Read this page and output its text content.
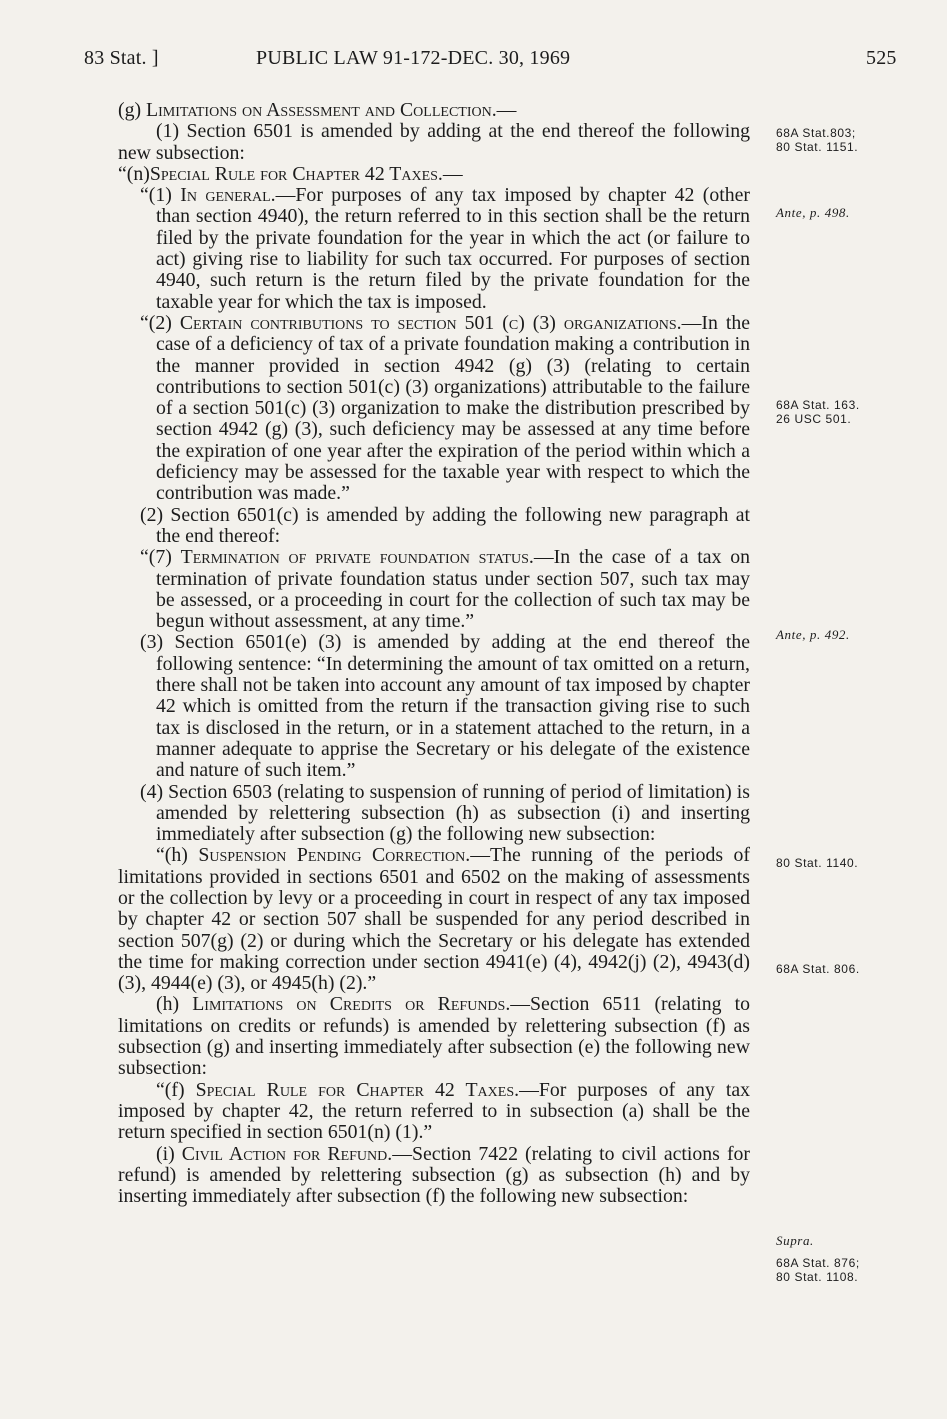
83 Stat. ]	PUBLIC LAW 91-172-DEC. 30, 1969	525

(g) Limitations on Assessment and Collection.—

(1) Section 6501 is amended by adding at the end thereof the following new subsection:

“(n)Special Rule for Chapter 42 Taxes.—

“(1) In general.—For purposes of any tax imposed by chapter 42 (other than section 4940), the return referred to in this section shall be the return filed by the private foundation for the year in which the act (or failure to act) giving rise to liability for such tax occurred. For purposes of section 4940, such return is the return filed by the private foundation for the taxable year for which the tax is imposed.

“(2) Certain contributions to section 501 (c) (3) organizations.—In the case of a deficiency of tax of a private foundation making a contribution in the manner provided in section 4942 (g) (3) (relating to certain contributions to section 501(c) (3) organizations) attributable to the failure of a section 501(c) (3) organization to make the distribution prescribed by section 4942 (g) (3), such deficiency may be assessed at any time before the expiration of one year after the expiration of the period within which a deficiency may be assessed for the taxable year with respect to which the contribution was made.”

(2) Section 6501(c) is amended by adding the following new paragraph at the end thereof:

“(7) Termination of private foundation status.—In the case of a tax on termination of private foundation status under section 507, such tax may be assessed, or a proceeding in court for the collection of such tax may be begun without assessment, at any time.”

(3) Section 6501(e) (3) is amended by adding at the end thereof the following sentence: “In determining the amount of tax omitted on a return, there shall not be taken into account any amount of tax imposed by chapter 42 which is omitted from the return if the transaction giving rise to such tax is disclosed in the return, or in a statement attached to the return, in a manner adequate to apprise the Secretary or his delegate of the existence and nature of such item.”

(4) Section 6503 (relating to suspension of running of period of limitation) is amended by relettering subsection (h) as subsection (i) and inserting immediately after subsection (g) the following new subsection:

“(h) Suspension Pending Correction.—The running of the periods of limitations provided in sections 6501 and 6502 on the making of assessments or the collection by levy or a proceeding in court in respect of any tax imposed by chapter 42 or section 507 shall be suspended for any period described in section 507(g) (2) or during which the Secretary or his delegate has extended the time for making correction under section 4941(e) (4), 4942(j) (2), 4943(d) (3), 4944(e) (3), or 4945(h) (2).”

(h) Limitations on Credits or Refunds.—Section 6511 (relating to limitations on credits or refunds) is amended by relettering subsection (f) as subsection (g) and inserting immediately after subsection (e) the following new subsection:

“(f) Special Rule for Chapter 42 Taxes.—For purposes of any tax imposed by chapter 42, the return referred to in subsection (a) shall be the return specified in section 6501(n) (1).”

(i) Civil Action for Refund.—Section 7422 (relating to civil actions for refund) is amended by relettering subsection (g) as subsection (h) and by inserting immediately after subsection (f) the following new subsection:

68A Stat.803;
80 Stat. 1151.
Ante, p. 498.
68A Stat. 163.
26 USC 501.
Ante, p. 492.
80 Stat. 1140.
68A Stat. 806.
Supra.
68A Stat. 876;
80 Stat. 1108.
